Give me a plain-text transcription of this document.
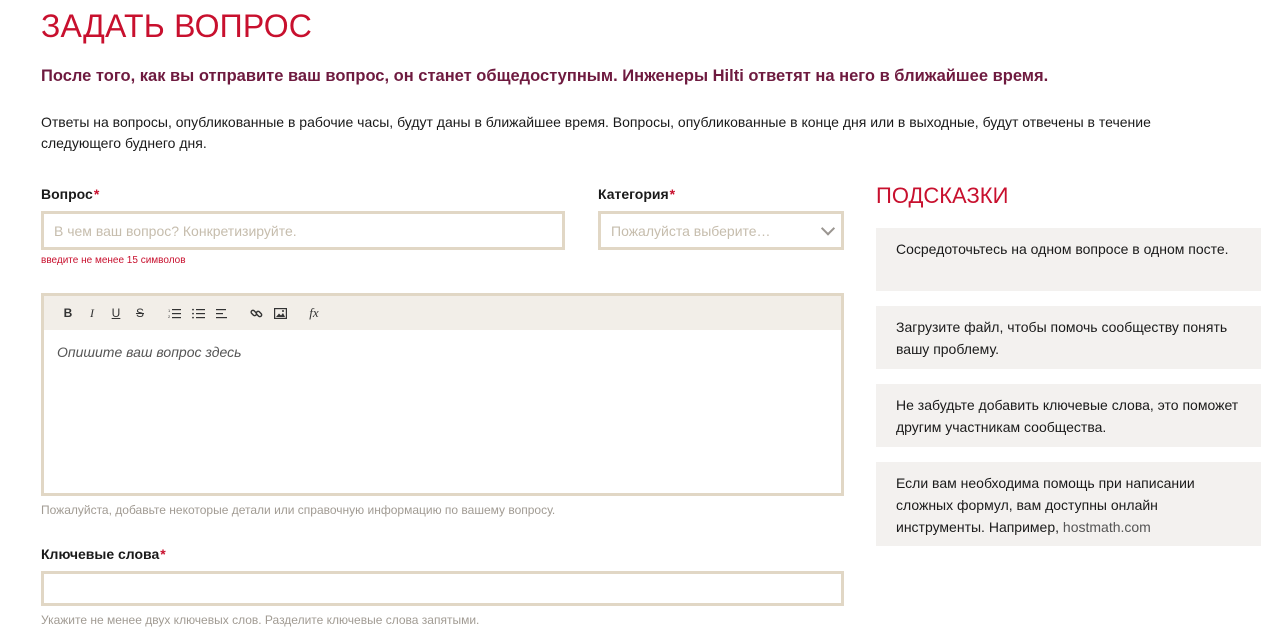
ЗАДАТЬ ВОПРОС
После того, как вы отправите ваш вопрос, он станет общедоступным. Инженеры Hilti ответят на него в ближайшее время.
Ответы на вопросы, опубликованные в рабочие часы, будут даны в ближайшее время. Вопросы, опубликованные в конце дня или в выходные, будут отвечены в течение следующего буднего дня.
Вопрос*
В чем ваш вопрос? Конкретизируйте.
введите не менее 15 символов
Категория*
Пожалуйста выберите…
B I U S	1
2	fx
Опишите ваш вопрос здесь
Пожалуйста, добавьте некоторые детали или справочную информацию по вашему вопросу.
Ключевые слова*
Укажите не менее двух ключевых слов. Разделите ключевые слова запятыми.
ПОДСКАЗКИ
Сосредоточьтесь на одном вопросе в одном посте.
Загрузите файл, чтобы помочь сообществу понять вашу проблему.
Не забудьте добавить ключевые слова, это поможет другим участникам сообщества.
Если вам необходима помощь при написании сложных формул, вам доступны онлайн инструменты. Например, hostmath.com
